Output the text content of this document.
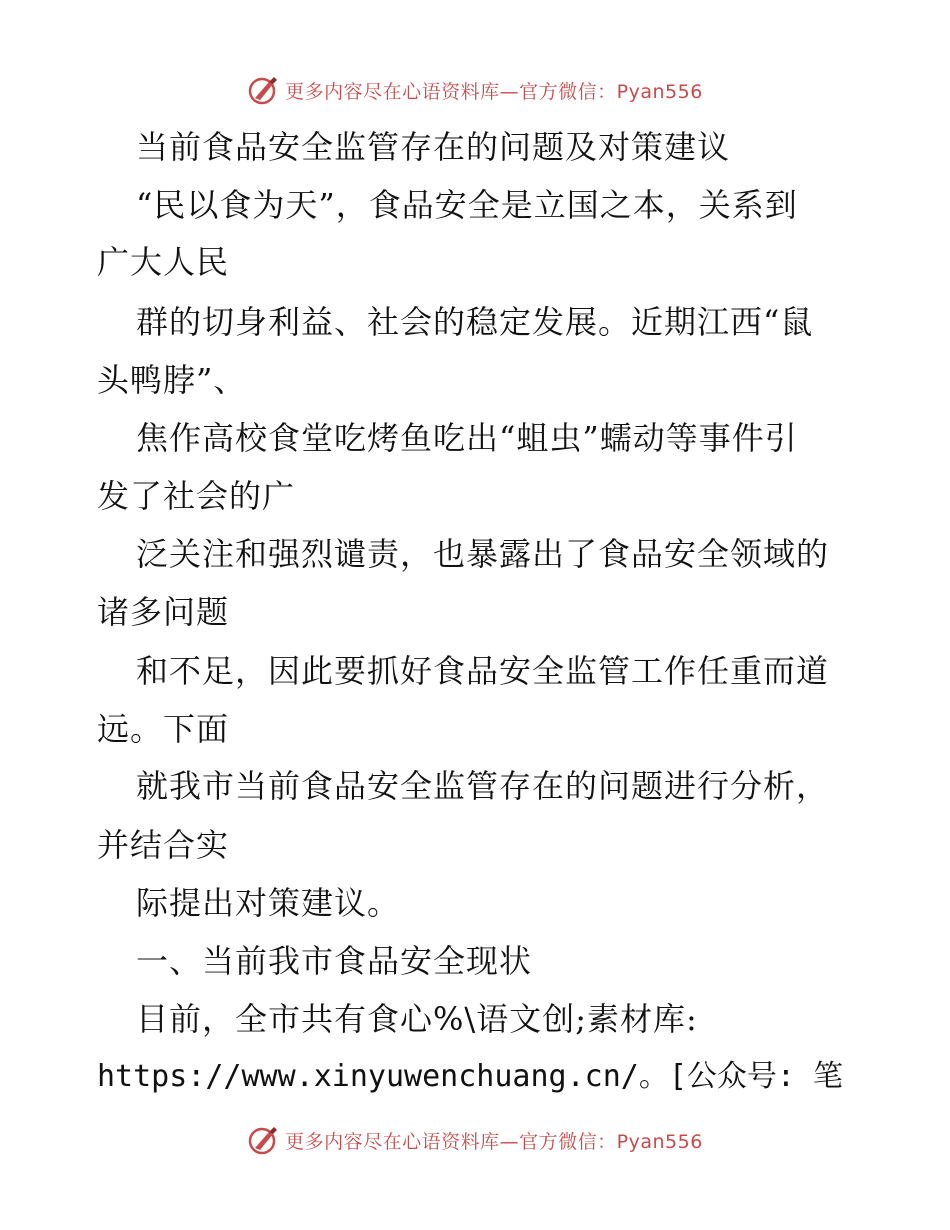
更多内容尽在心语资料库—官方微信：Pyan556
当前食品安全监管存在的问题及对策建议
“民以食为天”，食品安全是立国之本，关系到
广大人民
群的切身利益、社会的稳定发展。近期江西“鼠
头鸭脖”、
焦作高校食堂吃烤鱼吃出“蛆虫”蠕动等事件引
发了社会的广
泛关注和强烈谴责，也暴露出了食品安全领域的
诸多问题
和不足，因此要抓好食品安全监管工作任重而道
远。下面
就我市当前食品安全监管存在的问题进行分析，
并结合实
际提出对策建议。
一、当前我市食品安全现状
目前，全市共有食心%\语文创;素材库:
https://www.xinyuwenchuang.cn/。[公众号: 笔
更多内容尽在心语资料库—官方微信：Pyan556
